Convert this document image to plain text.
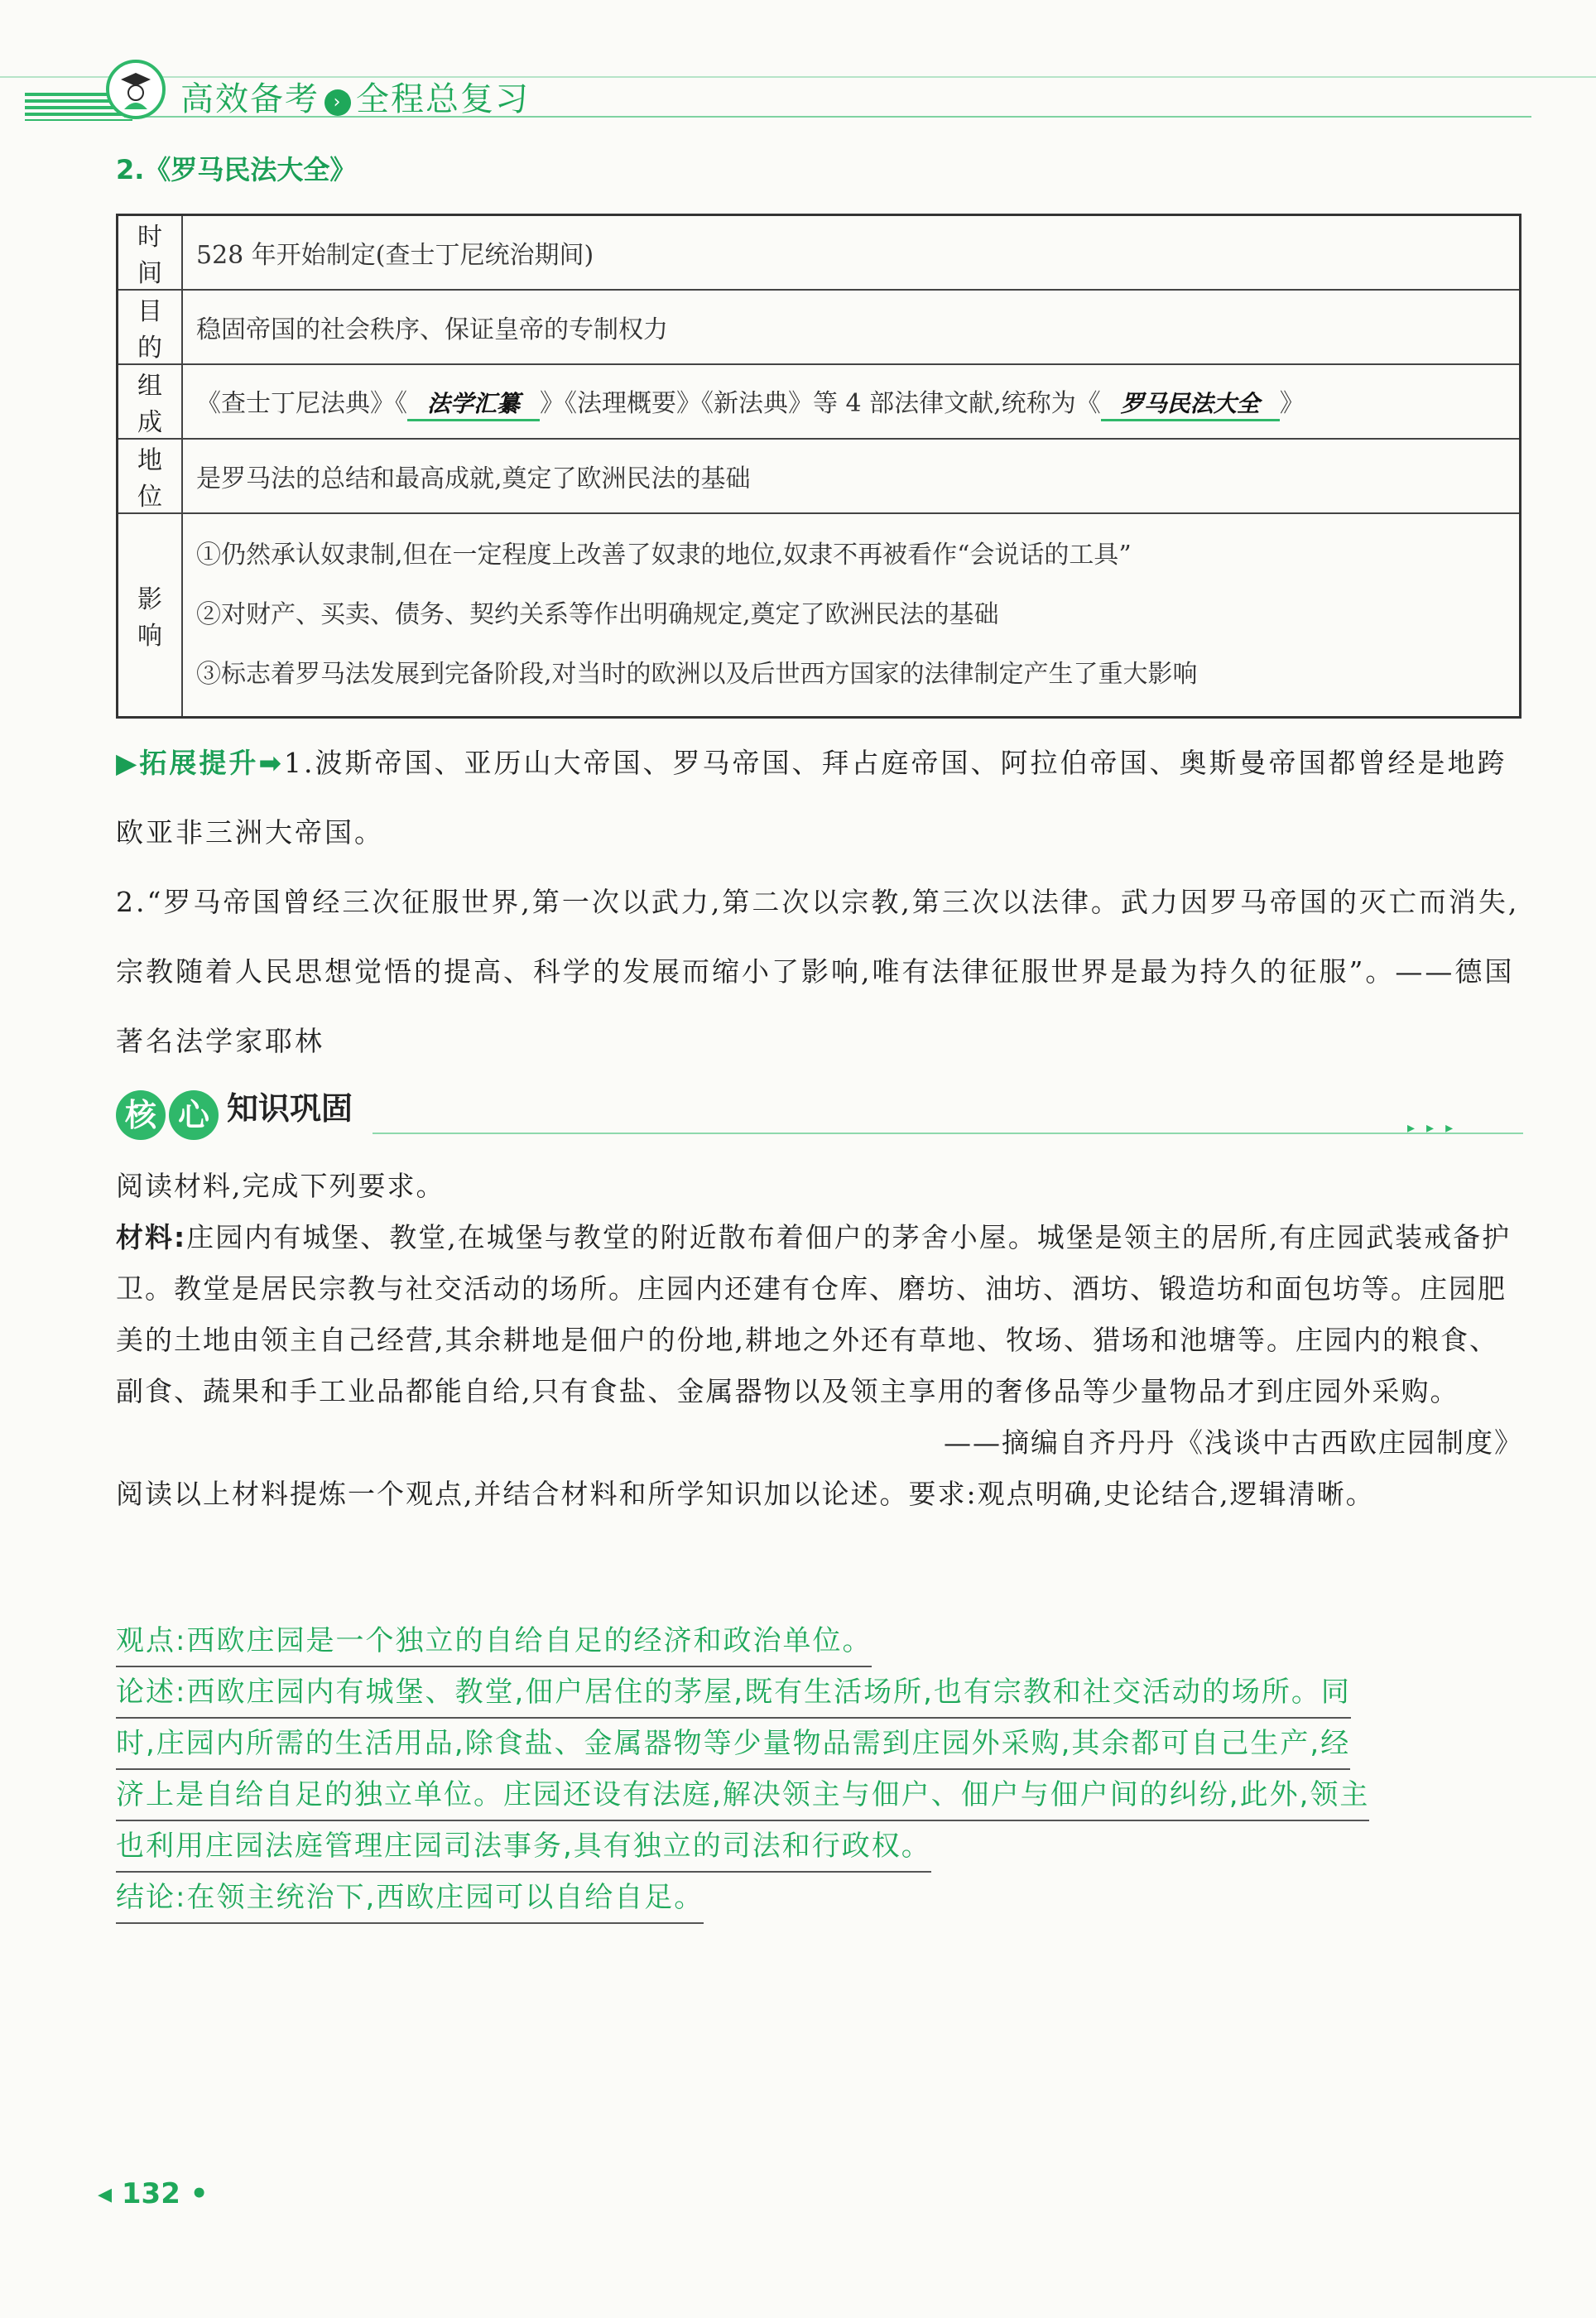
高效备考 › 全程总复习
2.《罗马民法大全》
时间	528 年开始制定(查士丁尼统治期间)
目的	稳固帝国的社会秩序、保证皇帝的专制权力
组成	《查士丁尼法典》《 法学汇纂 》《法理概要》《新法典》等 4 部法律文献,统称为《 罗马民法大全 》
地位	是罗马法的总结和最高成就,奠定了欧洲民法的基础
影响	①仍然承认奴隶制,但在一定程度上改善了奴隶的地位,奴隶不再被看作“会说话的工具”
②对财产、买卖、债务、契约关系等作出明确规定,奠定了欧洲民法的基础
③标志着罗马法发展到完备阶段,对当时的欧洲以及后世西方国家的法律制定产生了重大影响
▶拓展提升➡1.波斯帝国、亚历山大帝国、罗马帝国、拜占庭帝国、阿拉伯帝国、奥斯曼帝国都曾经是地跨欧亚非三洲大帝国。
2.“罗马帝国曾经三次征服世界,第一次以武力,第二次以宗教,第三次以法律。武力因罗马帝国的灭亡而消失,宗教随着人民思想觉悟的提高、科学的发展而缩小了影响,唯有法律征服世界是最为持久的征服”。——德国著名法学家耶林
核 心 知识巩固
▸▸▸
阅读材料,完成下列要求。
材料:庄园内有城堡、教堂,在城堡与教堂的附近散布着佃户的茅舍小屋。城堡是领主的居所,有庄园武装戒备护卫。教堂是居民宗教与社交活动的场所。庄园内还建有仓库、磨坊、油坊、酒坊、锻造坊和面包坊等。庄园肥美的土地由领主自己经营,其余耕地是佃户的份地,耕地之外还有草地、牧场、猎场和池塘等。庄园内的粮食、副食、蔬果和手工业品都能自给,只有食盐、金属器物以及领主享用的奢侈品等少量物品才到庄园外采购。
——摘编自齐丹丹《浅谈中古西欧庄园制度》
阅读以上材料提炼一个观点,并结合材料和所学知识加以论述。要求:观点明确,史论结合,逻辑清晰。
观点:西欧庄园是一个独立的自给自足的经济和政治单位。
论述:西欧庄园内有城堡、教堂,佃户居住的茅屋,既有生活场所,也有宗教和社交活动的场所。同
时,庄园内所需的生活用品,除食盐、金属器物等少量物品需到庄园外采购,其余都可自己生产,经
济上是自给自足的独立单位。庄园还设有法庭,解决领主与佃户、佃户与佃户间的纠纷,此外,领主
也利用庄园法庭管理庄园司法事务,具有独立的司法和行政权。
结论:在领主统治下,西欧庄园可以自给自足。
◂ 132 •
